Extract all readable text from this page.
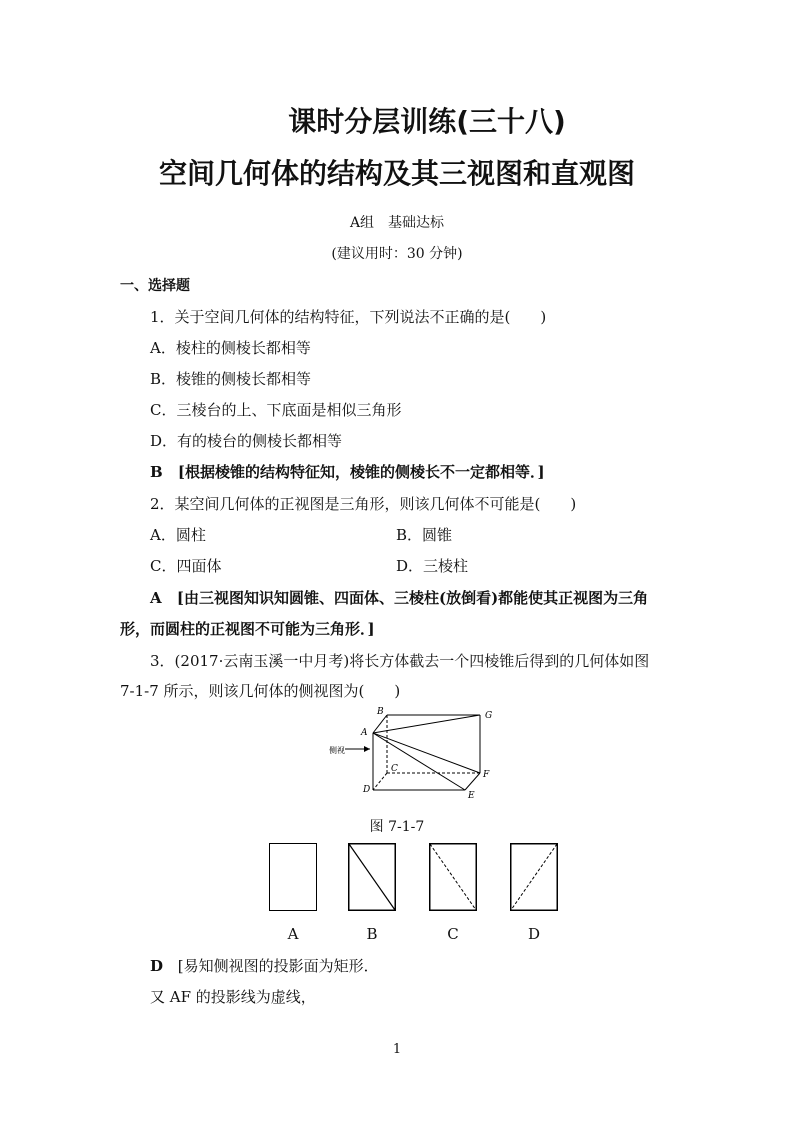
课时分层训练(三十八)
空间几何体的结构及其三视图和直观图
A组　基础达标
(建议用时：30 分钟)
一、选择题
1．关于空间几何体的结构特征，下列说法不正确的是(　　)
A．棱柱的侧棱长都相等
B．棱锥的侧棱长都相等
C．三棱台的上、下底面是相似三角形
D．有的棱台的侧棱长都相等
B [根据棱锥的结构特征知，棱锥的侧棱长不一定都相等．]
2．某空间几何体的正视图是三角形，则该几何体不可能是(　　)
A．圆柱	B．圆锥
C．四面体	D．三棱柱
A [由三视图知识知圆锥、四面体、三棱柱(放倒看)都能使其正视图为三角
形，而圆柱的正视图不可能为三角形．]
3．(2017·云南玉溪一中月考)将长方体截去一个四棱锥后得到的几何体如图
7-1-7 所示，则该几何体的侧视图为(　　)
B	G
A
C
D
E
F
侧视
图 7-1-7
A	B	C	D
D [易知侧视图的投影面为矩形．
又 AF 的投影线为虚线，
1
